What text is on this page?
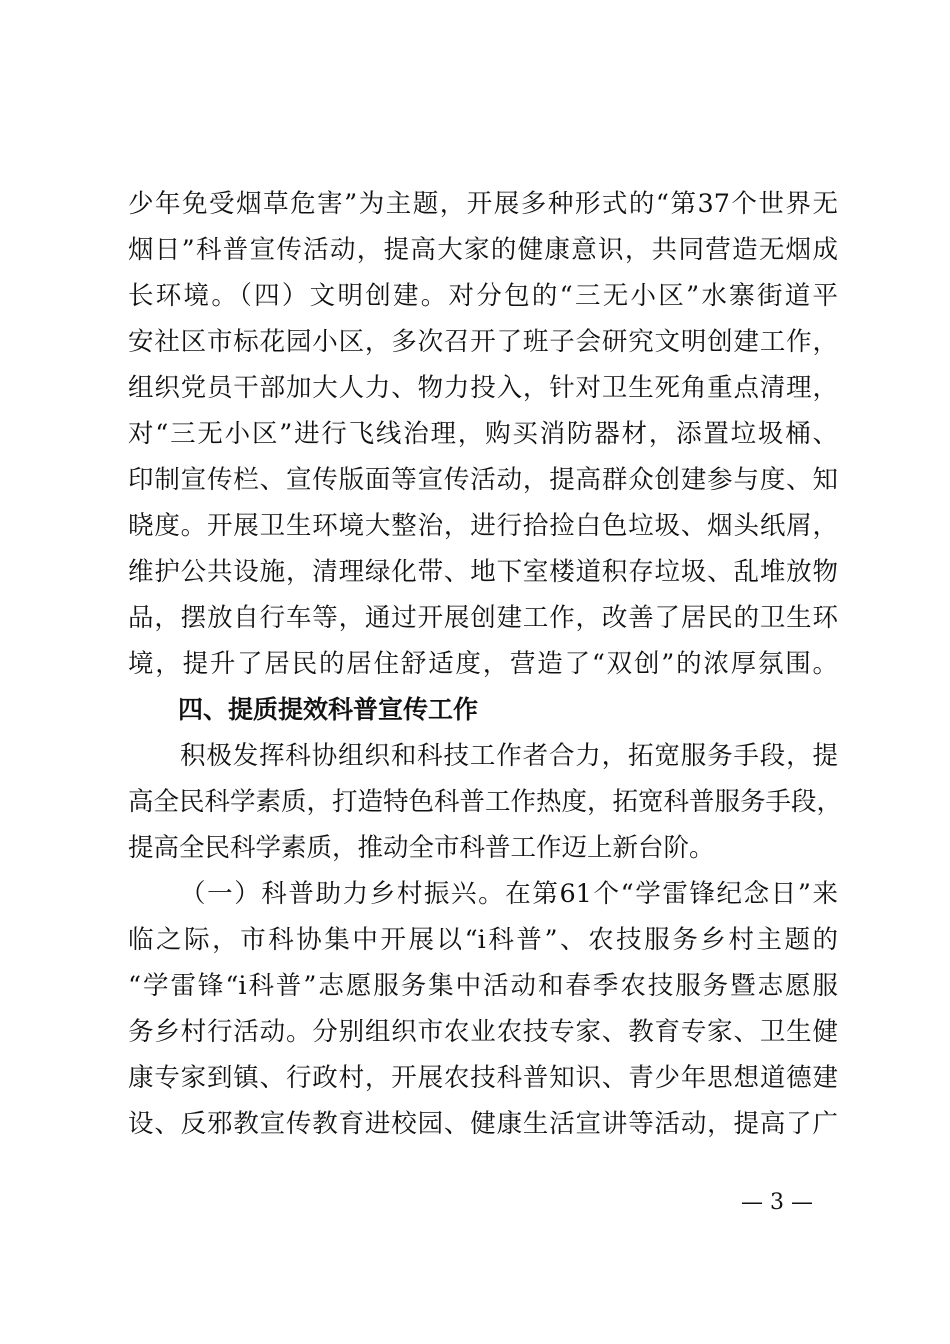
少年免受烟草危害”为主题，开展多种形式的“第37个世界无
烟日”科普宣传活动，提高大家的健康意识，共同营造无烟成
长环境。（四）文明创建。对分包的“三无小区”水寨街道平
安社区市标花园小区，多次召开了班子会研究文明创建工作，
组织党员干部加大人力、物力投入，针对卫生死角重点清理，
对“三无小区”进行飞线治理，购买消防器材，添置垃圾桶、
印制宣传栏、宣传版面等宣传活动，提高群众创建参与度、知
晓度。开展卫生环境大整治，进行拾捡白色垃圾、烟头纸屑，
维护公共设施，清理绿化带、地下室楼道积存垃圾、乱堆放物
品，摆放自行车等，通过开展创建工作，改善了居民的卫生环
境，提升了居民的居住舒适度，营造了“双创”的浓厚氛围。
四、提质提效科普宣传工作
积极发挥科协组织和科技工作者合力，拓宽服务手段，提
高全民科学素质，打造特色科普工作热度，拓宽科普服务手段，
提高全民科学素质，推动全市科普工作迈上新台阶。
（一）科普助力乡村振兴。在第61个“学雷锋纪念日”来
临之际，市科协集中开展以“i科普”、农技服务乡村主题的
“学雷锋“i科普”志愿服务集中活动和春季农技服务暨志愿服
务乡村行活动。分别组织市农业农技专家、教育专家、卫生健
康专家到镇、行政村，开展农技科普知识、青少年思想道德建
设、反邪教宣传教育进校园、健康生活宣讲等活动，提高了广
— 3 —
